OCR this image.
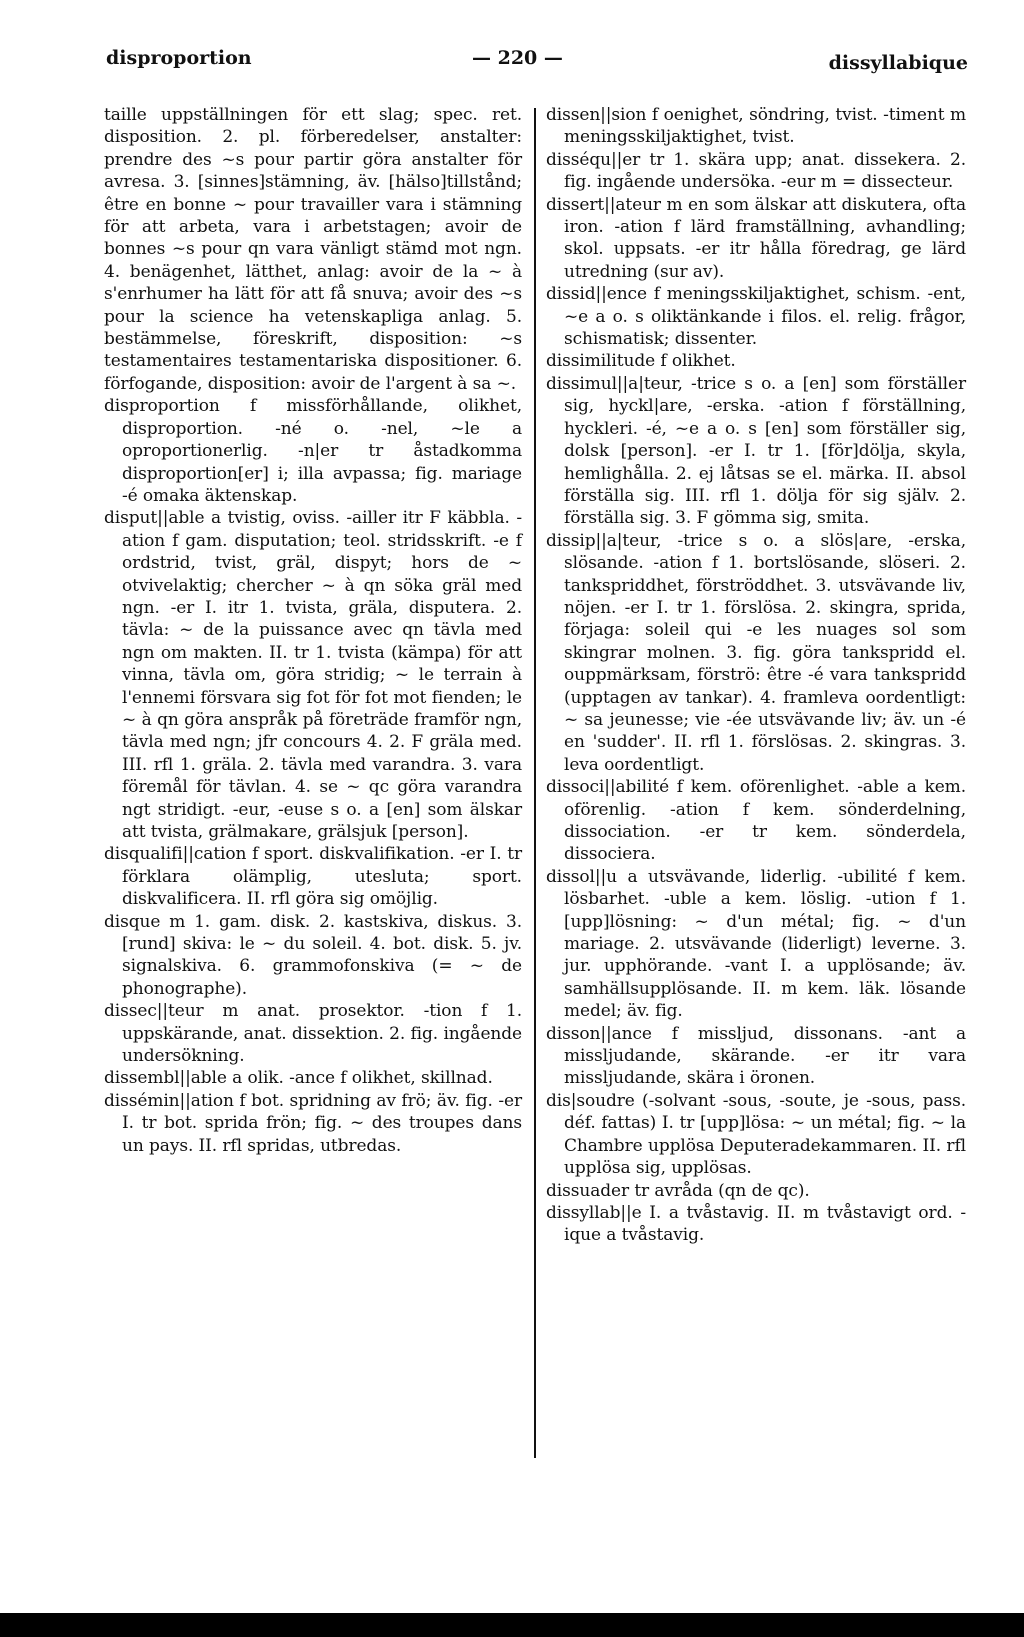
disproportion	— 220 —	dissyllabique

taille uppställningen för ett slag; spec. ret. disposition. 2. pl. förberedelser, anstalter: prendre des ~s pour partir göra anstalter för avresa. 3. [sinnes]stämning, äv. [hälso]tillstånd; être en bonne ~ pour travailler vara i stämning för att arbeta, vara i arbetstagen; avoir de bonnes ~s pour qn vara vänligt stämd mot ngn. 4. benägenhet, lätthet, anlag: avoir de la ~ à s'enrhumer ha lätt för att få snuva; avoir des ~s pour la science ha vetenskapliga anlag. 5. bestämmelse, föreskrift, disposition: ~s testamentaires testamentariska dispositioner. 6. förfogande, disposition: avoir de l'argent à sa ~.

disproportion f missförhållande, olikhet, disproportion. -né o. -nel, ~le a oproportionerlig. -n|er tr åstadkomma disproportion[er] i; illa avpassa; fig. mariage -é omaka äktenskap.

disput||able a tvistig, oviss. -ailler itr F käbbla. -ation f gam. disputation; teol. stridsskrift. -e f ordstrid, tvist, gräl, dispyt; hors de ~ otvivelaktig; chercher ~ à qn söka gräl med ngn. -er I. itr 1. tvista, gräla, disputera. 2. tävla: ~ de la puissance avec qn tävla med ngn om makten. II. tr 1. tvista (kämpa) för att vinna, tävla om, göra stridig; ~ le terrain à l'ennemi försvara sig fot för fot mot fienden; le ~ à qn göra anspråk på företräde framför ngn, tävla med ngn; jfr concours 4. 2. F gräla med. III. rfl 1. gräla. 2. tävla med varandra. 3. vara föremål för tävlan. 4. se ~ qc göra varandra ngt stridigt. -eur, -euse s o. a [en] som älskar att tvista, grälmakare, grälsjuk [person].

disqualifi||cation f sport. diskvalifikation. -er I. tr förklara olämplig, utesluta; sport. diskvalificera. II. rfl göra sig omöjlig.

disque m 1. gam. disk. 2. kastskiva, diskus. 3. [rund] skiva: le ~ du soleil. 4. bot. disk. 5. jv. signalskiva. 6. grammofonskiva (= ~ de phonographe).

dissec||teur m anat. prosektor. -tion f 1. uppskärande, anat. dissektion. 2. fig. ingående undersökning.

dissembl||able a olik. -ance f olikhet, skillnad.

dissémin||ation f bot. spridning av frö; äv. fig. -er I. tr bot. sprida frön; fig. ~ des troupes dans un pays. II. rfl spridas, utbredas.

dissen||sion f oenighet, söndring, tvist. -timent m meningsskiljaktighet, tvist.

disséqu||er tr 1. skära upp; anat. dissekera. 2. fig. ingående undersöka. -eur m = dissecteur.

dissert||ateur m en som älskar att diskutera, ofta iron. -ation f lärd framställning, avhandling; skol. uppsats. -er itr hålla föredrag, ge lärd utredning (sur av).

dissid||ence f meningsskiljaktighet, schism. -ent, ~e a o. s oliktänkande i filos. el. relig. frågor, schismatisk; dissenter.

dissimilitude f olikhet.

dissimul||a|teur, -trice s o. a [en] som förställer sig, hyckl|are, -erska. -ation f förställning, hyckleri. -é, ~e a o. s [en] som förställer sig, dolsk [person]. -er I. tr 1. [för]dölja, skyla, hemlighålla. 2. ej låtsas se el. märka. II. absol förställa sig. III. rfl 1. dölja för sig själv. 2. förställa sig. 3. F gömma sig, smita.

dissip||a|teur, -trice s o. a slös|are, -erska, slösande. -ation f 1. bortslösande, slöseri. 2. tankspriddhet, förströddhet. 3. utsvävande liv, nöjen. -er I. tr 1. förslösa. 2. skingra, sprida, förjaga: soleil qui -e les nuages sol som skingrar molnen. 3. fig. göra tankspridd el. ouppmärksam, förströ: être -é vara tankspridd (upptagen av tankar). 4. framleva oordentligt: ~ sa jeunesse; vie -ée utsvävande liv; äv. un -é en 'sudder'. II. rfl 1. förslösas. 2. skingras. 3. leva oordentligt.

dissoci||abilité f kem. oförenlighet. -able a kem. oförenlig. -ation f kem. sönderdelning, dissociation. -er tr kem. sönderdela, dissociera.

dissol||u a utsvävande, liderlig. -ubilité f kem. lösbarhet. -uble a kem. löslig. -ution f 1. [upp]lösning: ~ d'un métal; fig. ~ d'un mariage. 2. utsvävande (liderligt) leverne. 3. jur. upphörande. -vant I. a upplösande; äv. samhällsupplösande. II. m kem. läk. lösande medel; äv. fig.

disson||ance f missljud, dissonans. -ant a missljudande, skärande. -er itr vara missljudande, skära i öronen.

dis|soudre (-solvant -sous, -soute, je -sous, pass. déf. fattas) I. tr [upp]lösa: ~ un métal; fig. ~ la Chambre upplösa Deputeradekammaren. II. rfl upplösa sig, upplösas.

dissuader tr avråda (qn de qc).

dissyllab||e I. a tvåstavig. II. m tvåstavigt ord. -ique a tvåstavig.
